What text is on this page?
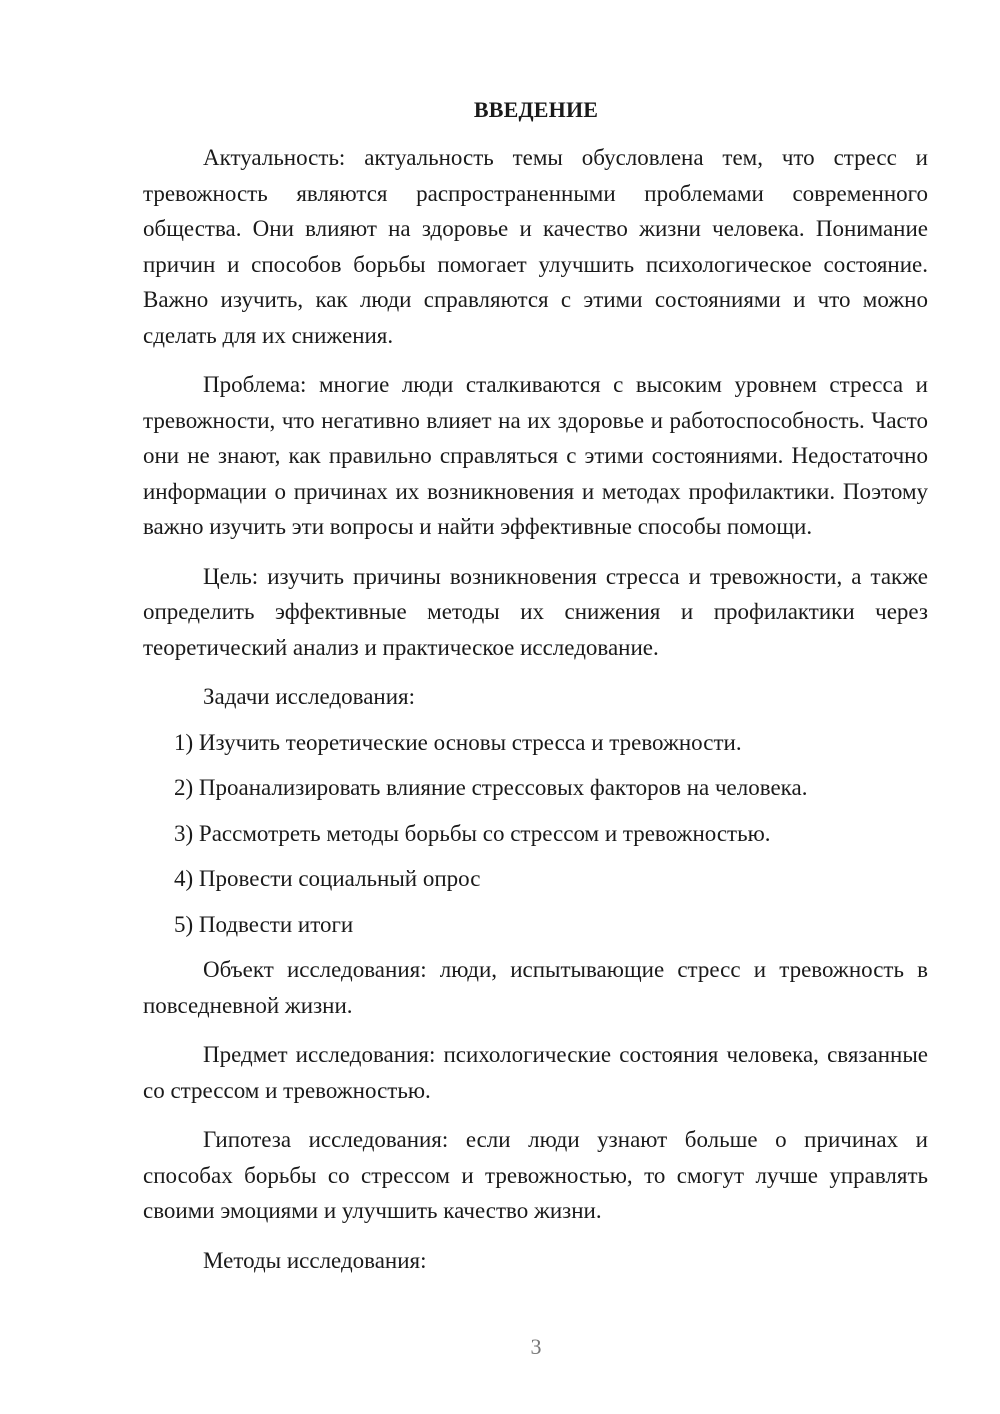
ВВЕДЕНИЕ

Актуальность: актуальность темы обусловлена тем, что стресс и тревожность являются распространенными проблемами современного общества. Они влияют на здоровье и качество жизни человека. Понимание причин и способов борьбы помогает улучшить психологическое состояние. Важно изучить, как люди справляются с этими состояниями и что можно сделать для их снижения.

Проблема: многие люди сталкиваются с высоким уровнем стресса и тревожности, что негативно влияет на их здоровье и работоспособность. Часто они не знают, как правильно справляться с этими состояниями. Недостаточно информации о причинах их возникновения и методах профилактики. Поэтому важно изучить эти вопросы и найти эффективные способы помощи.

Цель: изучить причины возникновения стресса и тревожности, а также определить эффективные методы их снижения и профилактики через теоретический анализ и практическое исследование.

Задачи исследования:

1) Изучить теоретические основы стресса и тревожности.

2) Проанализировать влияние стрессовых факторов на человека.

3) Рассмотреть методы борьбы со стрессом и тревожностью.

4) Провести социальный опрос

5) Подвести итоги

Объект исследования: люди, испытывающие стресс и тревожность в повседневной жизни.

Предмет исследования: психологические состояния человека, связанные со стрессом и тревожностью.

Гипотеза исследования: если люди узнают больше о причинах и способах борьбы со стрессом и тревожностью, то смогут лучше управлять своими эмоциями и улучшить качество жизни.

Методы исследования:

3
